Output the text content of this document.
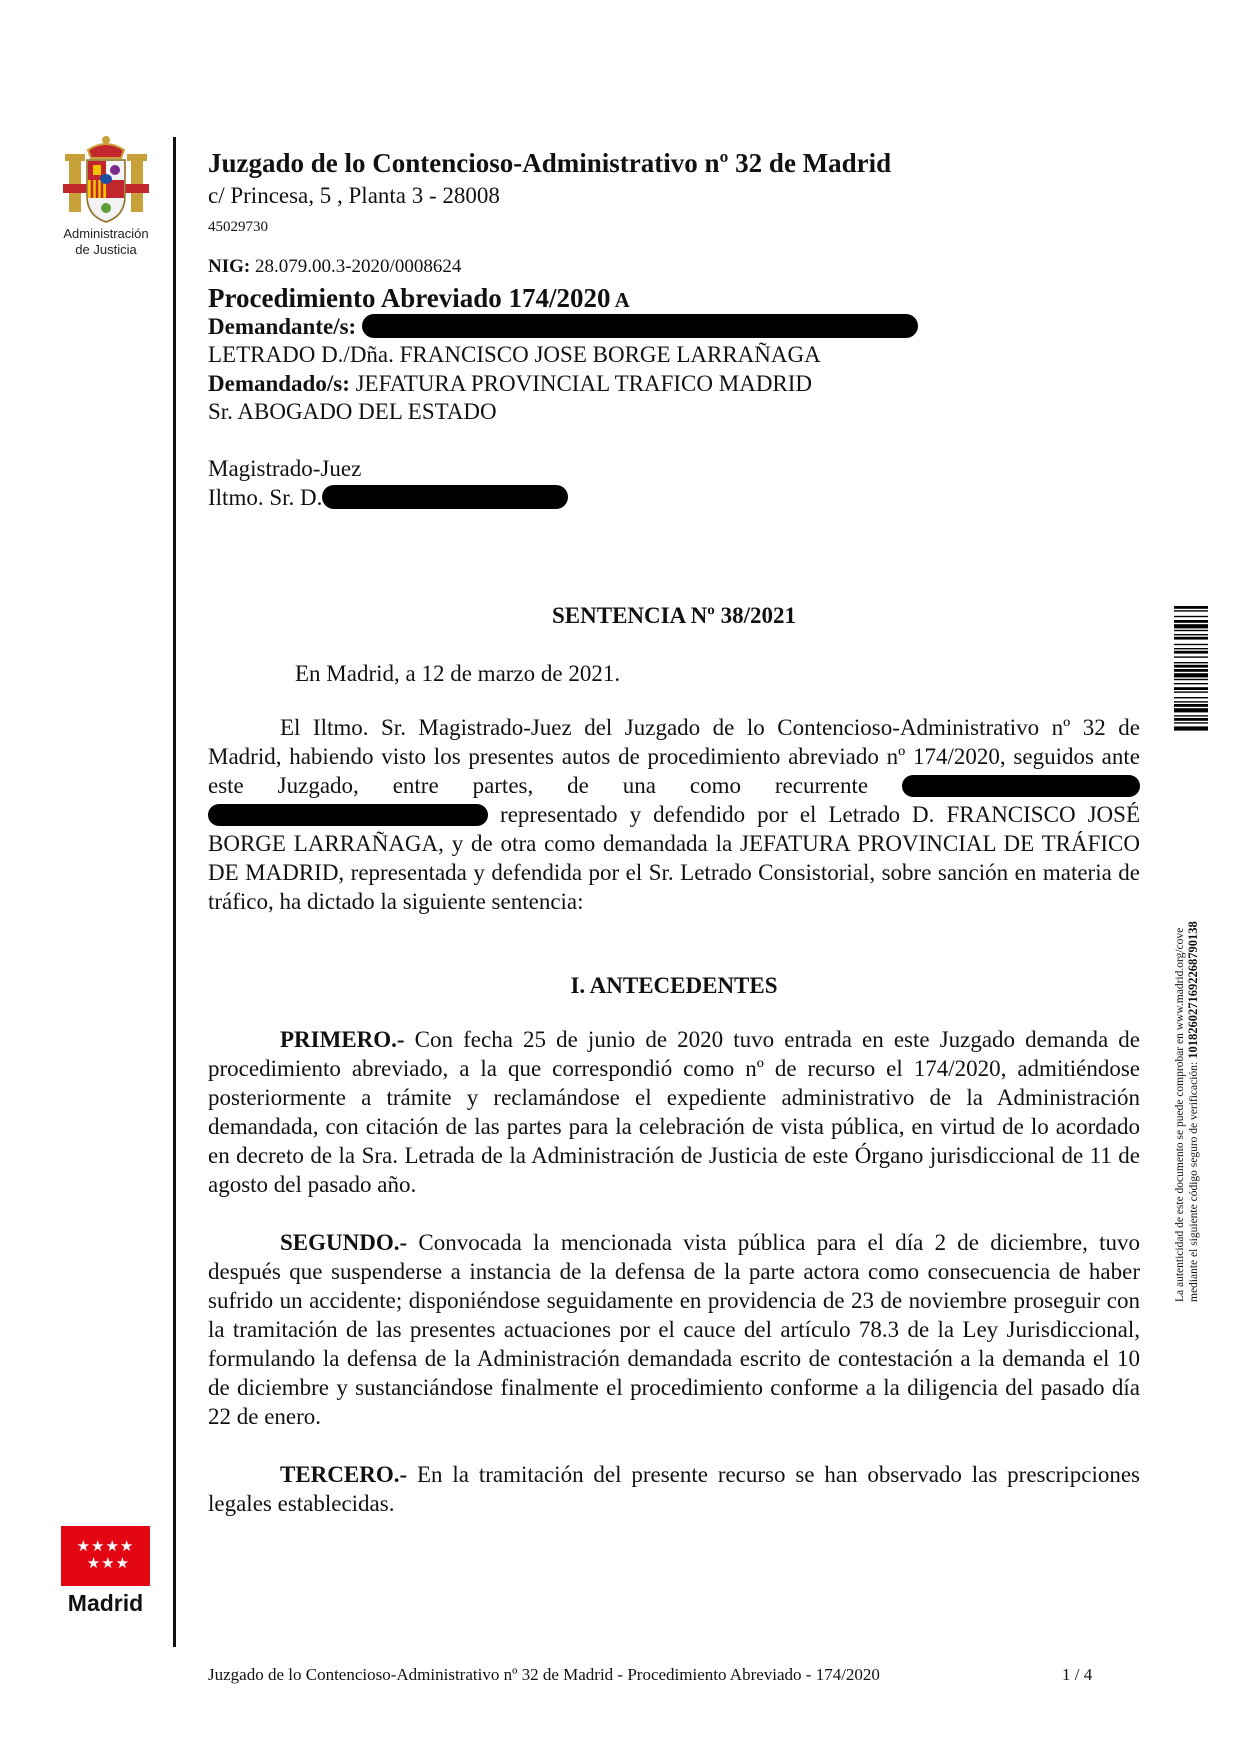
Administración
de Justicia
★★★★
★★★
Madrid
Juzgado de lo Contencioso-Administrativo nº 32 de Madrid
c/ Princesa, 5 , Planta 3 - 28008
45029730
NIG: 28.079.00.3-2020/0008624
Procedimiento Abreviado 174/2020 A
Demandante/s:
LETRADO D./Dña. FRANCISCO JOSE BORGE LARRAÑAGA
Demandado/s: JEFATURA PROVINCIAL TRAFICO MADRID
Sr. ABOGADO DEL ESTADO
Magistrado-Juez
Iltmo. Sr. D.
SENTENCIA Nº 38/2021
En Madrid, a 12 de marzo de 2021.

El Iltmo. Sr. Magistrado-Juez del Juzgado de lo Contencioso-Administrativo nº 32 de Madrid, habiendo visto los presentes autos de procedimiento abreviado nº 174/2020, seguidos ante este Juzgado, entre partes, de una como recurrente   representado y defendido por el Letrado D. FRANCISCO JOSÉ BORGE LARRAÑAGA, y de otra como demandada la JEFATURA PROVINCIAL DE TRÁFICO DE MADRID, representada y defendida por el Sr. Letrado Consistorial, sobre sanción en materia de tráfico, ha dictado la siguiente sentencia:

I. ANTECEDENTES

PRIMERO.- Con fecha 25 de junio de 2020 tuvo entrada en este Juzgado demanda de procedimiento abreviado, a la que correspondió como nº de recurso el 174/2020, admitiéndose posteriormente a trámite y reclamándose el expediente administrativo de la Administración demandada, con citación de las partes para la celebración de vista pública, en virtud de lo acordado en decreto de la Sra. Letrada de la Administración de Justicia de este Órgano jurisdiccional de 11 de agosto del pasado año.

SEGUNDO.- Convocada la mencionada vista pública para el día 2 de diciembre, tuvo después que suspenderse a instancia de la defensa de la parte actora como consecuencia de haber sufrido un accidente; disponiéndose seguidamente en providencia de 23 de noviembre proseguir con la tramitación de las presentes actuaciones por el cauce del artículo 78.3 de la Ley Jurisdiccional, formulando la defensa de la Administración demandada escrito de contestación a la demanda el 10 de diciembre y sustanciándose finalmente el procedimiento conforme a la diligencia del pasado día 22 de enero.

TERCERO.- En la tramitación del presente recurso se han observado las prescripciones legales establecidas.

Juzgado de lo Contencioso-Administrativo nº 32 de Madrid - Procedimiento Abreviado - 174/2020	1 / 4
La autenticidad de este documento se puede comprobar en www.madrid.org/cove mediante el siguiente código seguro de verificación: 1018260271692268790138
